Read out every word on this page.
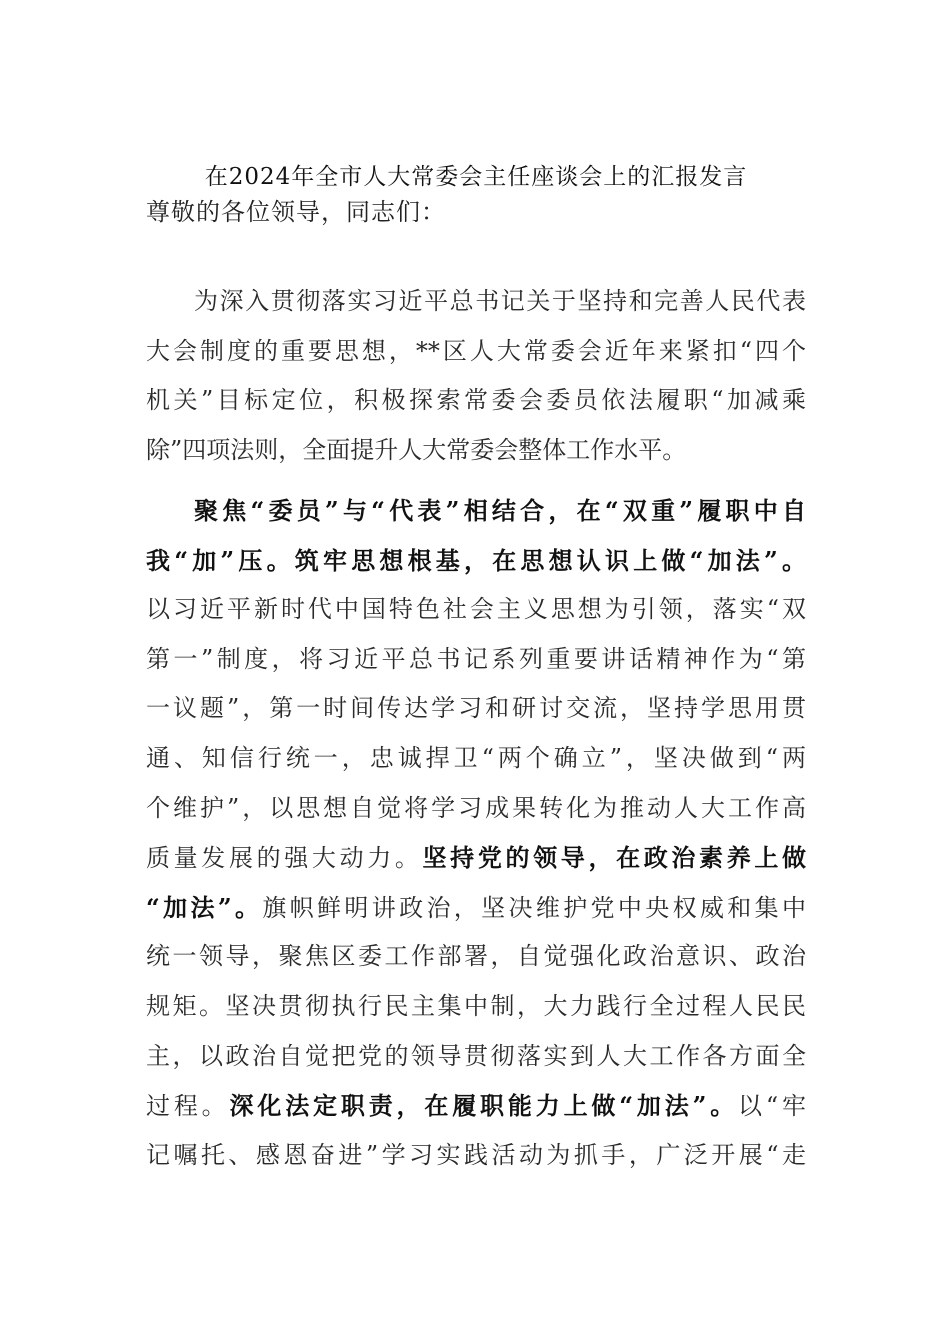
在2024年全市人大常委会主任座谈会上的汇报发言
尊敬的各位领导，同志们：
为深入贯彻落实习近平总书记关于坚持和完善人民代表
大会制度的重要思想，**区人大常委会近年来紧扣“四个
机关”目标定位，积极探索常委会委员依法履职“加减乘
除”四项法则，全面提升人大常委会整体工作水平。
聚焦“委员”与“代表”相结合，在“双重”履职中自
我“加”压。筑牢思想根基，在思想认识上做“加法”。
以习近平新时代中国特色社会主义思想为引领，落实“双
第一”制度，将习近平总书记系列重要讲话精神作为“第
一议题”，第一时间传达学习和研讨交流，坚持学思用贯
通、知信行统一，忠诚捍卫“两个确立”，坚决做到“两
个维护”，以思想自觉将学习成果转化为推动人大工作高
质量发展的强大动力。坚持党的领导，在政治素养上做
“加法”。旗帜鲜明讲政治，坚决维护党中央权威和集中
统一领导，聚焦区委工作部署，自觉强化政治意识、政治
规矩。坚决贯彻执行民主集中制，大力践行全过程人民民
主，以政治自觉把党的领导贯彻落实到人大工作各方面全
过程。深化法定职责，在履职能力上做“加法”。以“牢
记嘱托、感恩奋进”学习实践活动为抓手，广泛开展“走
